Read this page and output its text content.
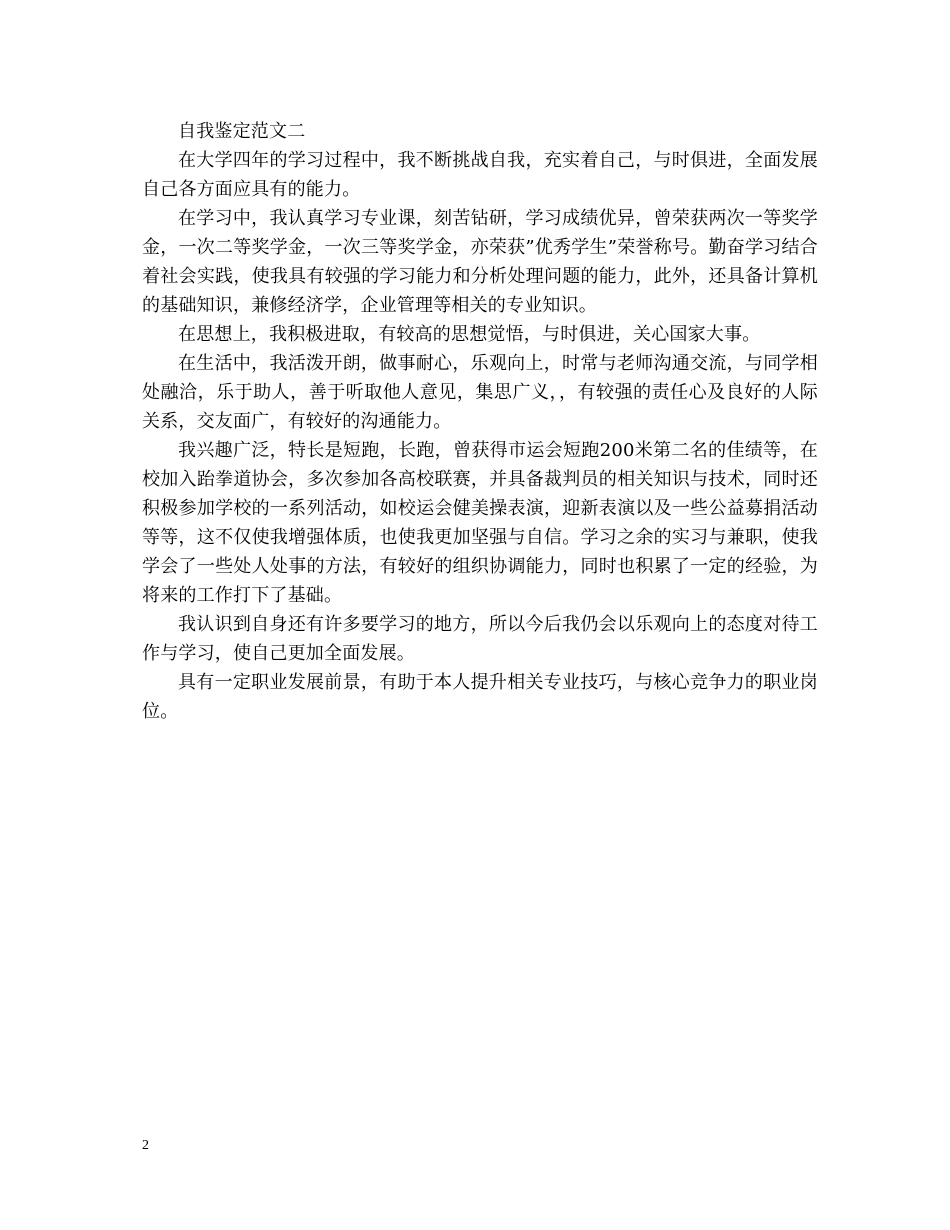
自我鉴定范文二

在大学四年的学习过程中，我不断挑战自我，充实着自己，与时俱进，全面发展自己各方面应具有的能力。

在学习中，我认真学习专业课，刻苦钻研，学习成绩优异，曾荣获两次一等奖学金，一次二等奖学金，一次三等奖学金，亦荣获”优秀学生”荣誉称号。勤奋学习结合着社会实践，使我具有较强的学习能力和分析处理问题的能力，此外，还具备计算机的基础知识，兼修经济学，企业管理等相关的专业知识。

在思想上，我积极进取，有较高的思想觉悟，与时俱进，关心国家大事。

在生活中，我活泼开朗，做事耐心，乐观向上，时常与老师沟通交流，与同学相处融洽，乐于助人，善于听取他人意见，集思广义，，有较强的责任心及良好的人际关系，交友面广，有较好的沟通能力。

我兴趣广泛，特长是短跑，长跑，曾获得市运会短跑200米第二名的佳绩等，在校加入跆拳道协会，多次参加各高校联赛，并具备裁判员的相关知识与技术，同时还积极参加学校的一系列活动，如校运会健美操表演，迎新表演以及一些公益募捐活动等等，这不仅使我增强体质，也使我更加坚强与自信。学习之余的实习与兼职，使我学会了一些处人处事的方法，有较好的组织协调能力，同时也积累了一定的经验，为将来的工作打下了基础。

我认识到自身还有许多要学习的地方，所以今后我仍会以乐观向上的态度对待工作与学习，使自己更加全面发展。

具有一定职业发展前景，有助于本人提升相关专业技巧，与核心竞争力的职业岗位。

2
